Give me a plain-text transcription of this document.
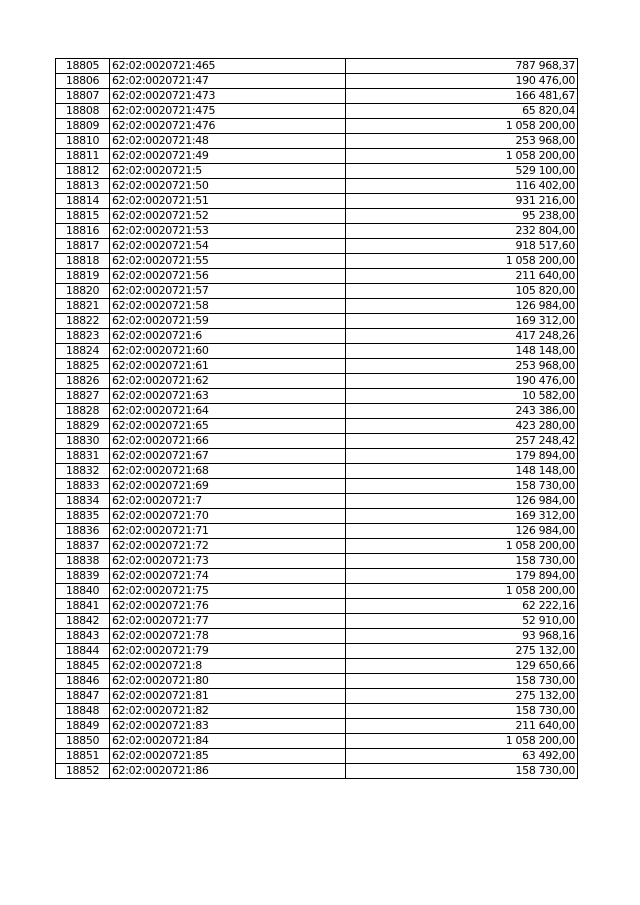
18805	62:02:0020721:465	787 968,37
18806	62:02:0020721:47	190 476,00
18807	62:02:0020721:473	166 481,67
18808	62:02:0020721:475	65 820,04
18809	62:02:0020721:476	1 058 200,00
18810	62:02:0020721:48	253 968,00
18811	62:02:0020721:49	1 058 200,00
18812	62:02:0020721:5	529 100,00
18813	62:02:0020721:50	116 402,00
18814	62:02:0020721:51	931 216,00
18815	62:02:0020721:52	95 238,00
18816	62:02:0020721:53	232 804,00
18817	62:02:0020721:54	918 517,60
18818	62:02:0020721:55	1 058 200,00
18819	62:02:0020721:56	211 640,00
18820	62:02:0020721:57	105 820,00
18821	62:02:0020721:58	126 984,00
18822	62:02:0020721:59	169 312,00
18823	62:02:0020721:6	417 248,26
18824	62:02:0020721:60	148 148,00
18825	62:02:0020721:61	253 968,00
18826	62:02:0020721:62	190 476,00
18827	62:02:0020721:63	10 582,00
18828	62:02:0020721:64	243 386,00
18829	62:02:0020721:65	423 280,00
18830	62:02:0020721:66	257 248,42
18831	62:02:0020721:67	179 894,00
18832	62:02:0020721:68	148 148,00
18833	62:02:0020721:69	158 730,00
18834	62:02:0020721:7	126 984,00
18835	62:02:0020721:70	169 312,00
18836	62:02:0020721:71	126 984,00
18837	62:02:0020721:72	1 058 200,00
18838	62:02:0020721:73	158 730,00
18839	62:02:0020721:74	179 894,00
18840	62:02:0020721:75	1 058 200,00
18841	62:02:0020721:76	62 222,16
18842	62:02:0020721:77	52 910,00
18843	62:02:0020721:78	93 968,16
18844	62:02:0020721:79	275 132,00
18845	62:02:0020721:8	129 650,66
18846	62:02:0020721:80	158 730,00
18847	62:02:0020721:81	275 132,00
18848	62:02:0020721:82	158 730,00
18849	62:02:0020721:83	211 640,00
18850	62:02:0020721:84	1 058 200,00
18851	62:02:0020721:85	63 492,00
18852	62:02:0020721:86	158 730,00
